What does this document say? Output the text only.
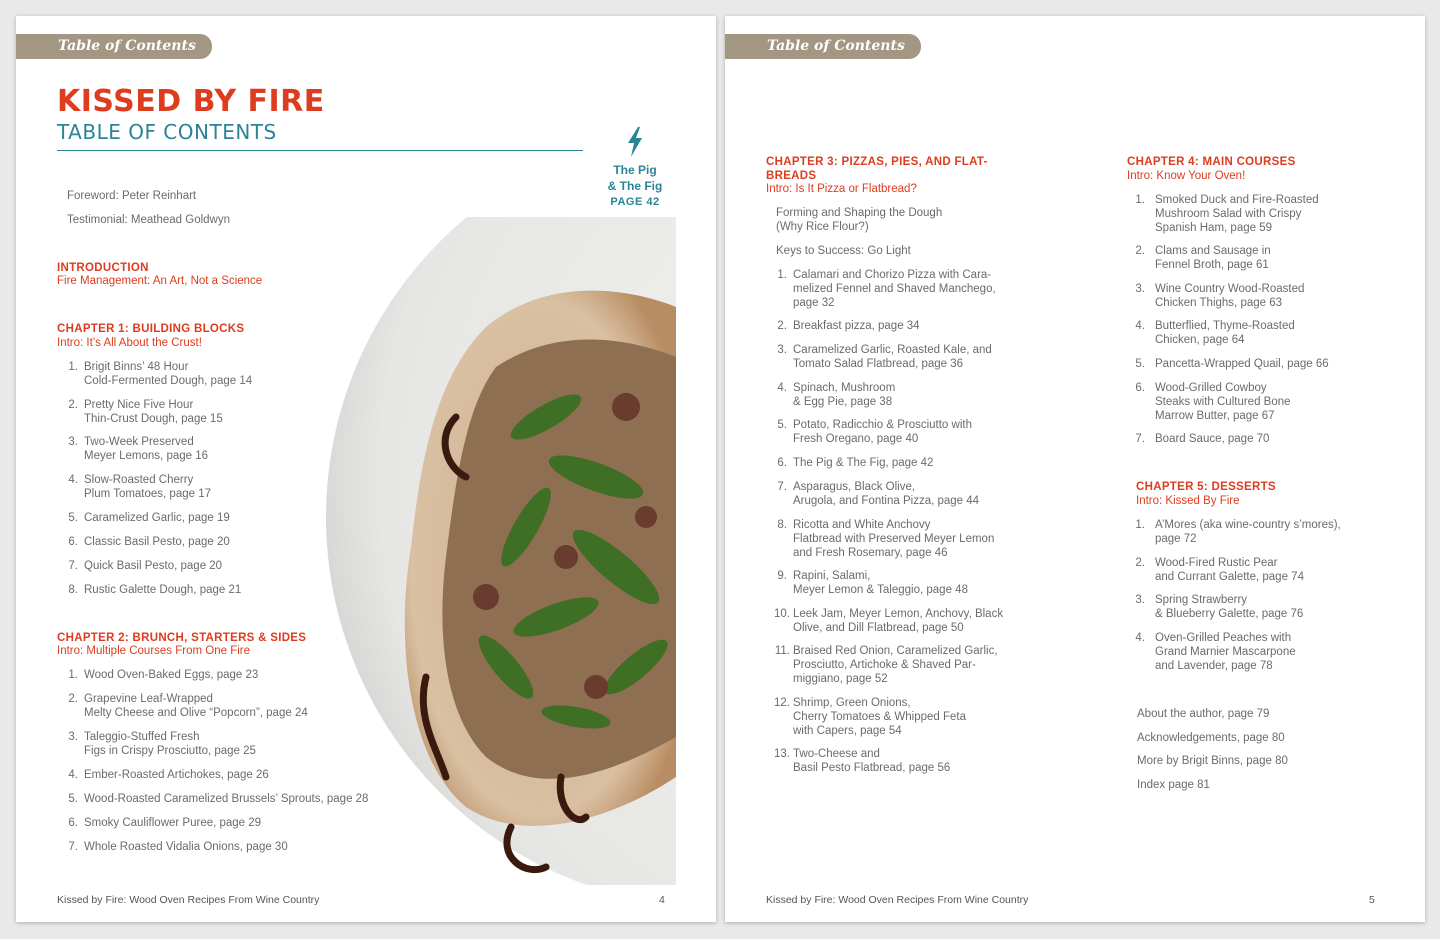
Table of Contents
KISSED BY FIRE
TABLE OF CONTENTS
The Pig
& The Fig
PAGE 42
Foreword: Peter Reinhart
Testimonial: Meathead Goldwyn
INTRODUCTION
Fire Management: An Art, Not a Science
CHAPTER 1: BUILDING BLOCKS
Intro: It’s All About the Crust!
1. Brigit Binns’ 48 Hour
Cold-Fermented Dough, page 14
2. Pretty Nice Five Hour
Thin-Crust Dough, page 15
3. Two-Week Preserved
Meyer Lemons, page 16
4. Slow-Roasted Cherry
Plum Tomatoes, page 17
5. Caramelized Garlic, page 19
6. Classic Basil Pesto, page 20
7. Quick Basil Pesto, page 20
8. Rustic Galette Dough, page 21
CHAPTER 2: BRUNCH, STARTERS & SIDES
Intro: Multiple Courses From One Fire
1. Wood Oven-Baked Eggs, page 23
2. Grapevine Leaf-Wrapped
Melty Cheese and Olive “Popcorn”, page 24
3. Taleggio-Stuffed Fresh
Figs in Crispy Prosciutto, page 25
4. Ember-Roasted Artichokes, page 26
5. Wood-Roasted Caramelized Brussels’ Sprouts, page 28
6. Smoky Cauliflower Puree, page 29
7. Whole Roasted Vidalia Onions, page 30
Kissed by Fire: Wood Oven Recipes From Wine Country	4
Table of Contents
CHAPTER 3: PIZZAS, PIES, AND FLAT-
BREADS
Intro: Is It Pizza or Flatbread?
Forming and Shaping the Dough
(Why Rice Flour?)
Keys to Success: Go Light
1. Calamari and Chorizo Pizza with Cara-
melized Fennel and Shaved Manchego,
page 32
2. Breakfast pizza, page 34
3. Caramelized Garlic, Roasted Kale, and
Tomato Salad Flatbread, page 36
4. Spinach, Mushroom
& Egg Pie, page 38
5. Potato, Radicchio & Prosciutto with
Fresh Oregano, page 40
6. The Pig & The Fig, page 42
7. Asparagus, Black Olive,
Arugola, and Fontina Pizza, page 44
8. Ricotta and White Anchovy
Flatbread with Preserved Meyer Lemon
and Fresh Rosemary, page 46
9. Rapini, Salami,
Meyer Lemon & Taleggio, page 48
10. Leek Jam, Meyer Lemon, Anchovy, Black
Olive, and Dill Flatbread, page 50
11. Braised Red Onion, Caramelized Garlic,
Prosciutto, Artichoke & Shaved Par-
miggiano, page 52
12. Shrimp, Green Onions,
Cherry Tomatoes & Whipped Feta
with Capers, page 54
13. Two-Cheese and
Basil Pesto Flatbread, page 56
CHAPTER 4: MAIN COURSES
Intro: Know Your Oven!
1. Smoked Duck and Fire-Roasted
Mushroom Salad with Crispy
Spanish Ham, page 59
2. Clams and Sausage in
Fennel Broth, page 61
3. Wine Country Wood-Roasted
Chicken Thighs, page 63
4. Butterflied, Thyme-Roasted
Chicken, page 64
5. Pancetta-Wrapped Quail, page 66
6. Wood-Grilled Cowboy
Steaks with Cultured Bone
Marrow Butter, page 67
7. Board Sauce, page 70
CHAPTER 5: DESSERTS
Intro: Kissed By Fire
1. A’Mores (aka wine-country s’mores),
page 72
2. Wood-Fired Rustic Pear
and Currant Galette, page 74
3. Spring Strawberry
& Blueberry Galette, page 76
4. Oven-Grilled Peaches with
Grand Marnier Mascarpone
and Lavender, page 78
About the author, page 79
Acknowledgements, page 80
More by Brigit Binns, page 80
Index page 81
Kissed by Fire: Wood Oven Recipes From Wine Country	5
